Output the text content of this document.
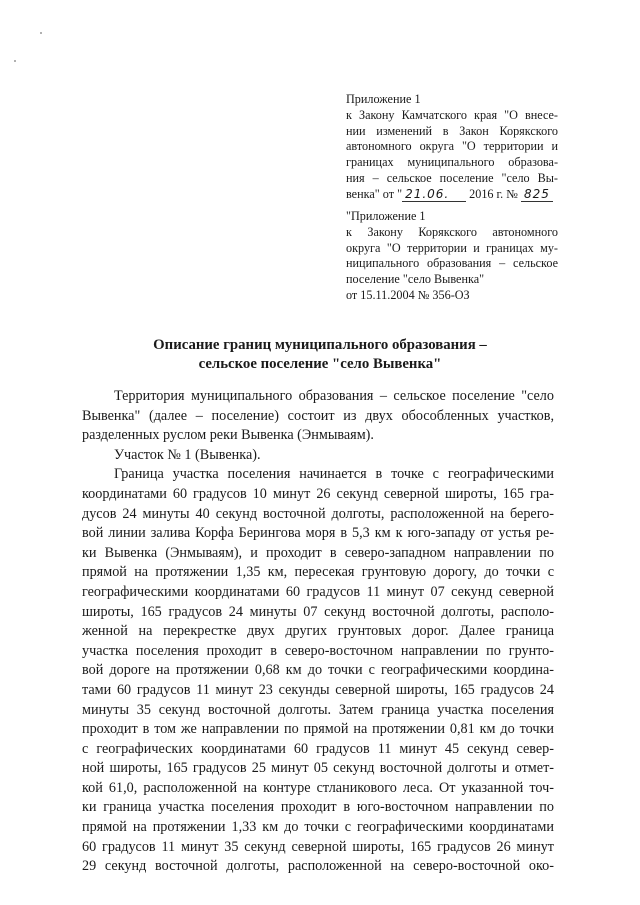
Приложение 1
к Закону Камчатского края "О внесе-
нии изменений в Закон Корякского
автономного округа "О территории и
границах муниципального образова-
ния – сельское поселение "село Вы-
венка" от " 21.06. 2016 г. № 825
"Приложение 1
к Закону Корякского автономного
округа "О территории и границах му-
ниципального образования – сельское
поселение "село Вывенка"
от 15.11.2004 № 356-ОЗ
Описание границ муниципального образования –
сельское поселение "село Вывенка"
Территория муниципального образования – сельское поселение "село
Вывенка" (далее – поселение) состоит из двух обособленных участков,
разделенных руслом реки Вывенка (Энмываям).
Участок № 1 (Вывенка).
Граница участка поселения начинается в точке с географическими
координатами 60 градусов 10 минут 26 секунд северной широты, 165 гра-
дусов 24 минуты 40 секунд восточной долготы, расположенной на берего-
вой линии залива Корфа Берингова моря в 5,3 км к юго-западу от устья ре-
ки Вывенка (Энмываям), и проходит в северо-западном направлении по
прямой на протяжении 1,35 км, пересекая грунтовую дорогу, до точки с
географическими координатами 60 градусов 11 минут 07 секунд северной
широты, 165 градусов 24 минуты 07 секунд восточной долготы, располо-
женной на перекрестке двух других грунтовых дорог. Далее граница
участка поселения проходит в северо-восточном направлении по грунто-
вой дороге на протяжении 0,68 км до точки с географическими координа-
тами 60 градусов 11 минут 23 секунды северной широты, 165 градусов 24
минуты 35 секунд восточной долготы. Затем граница участка поселения
проходит в том же направлении по прямой на протяжении 0,81 км до точки
с географических координатами 60 градусов 11 минут 45 секунд север-
ной широты, 165 градусов 25 минут 05 секунд восточной долготы и отмет-
кой 61,0, расположенной на контуре стланикового леса. От указанной точ-
ки граница участка поселения проходит в юго-восточном направлении по
прямой на протяжении 1,33 км до точки с географическими координатами
60 градусов 11 минут 35 секунд северной широты, 165 градусов 26 минут
29 секунд восточной долготы, расположенной на северо-восточной око-
